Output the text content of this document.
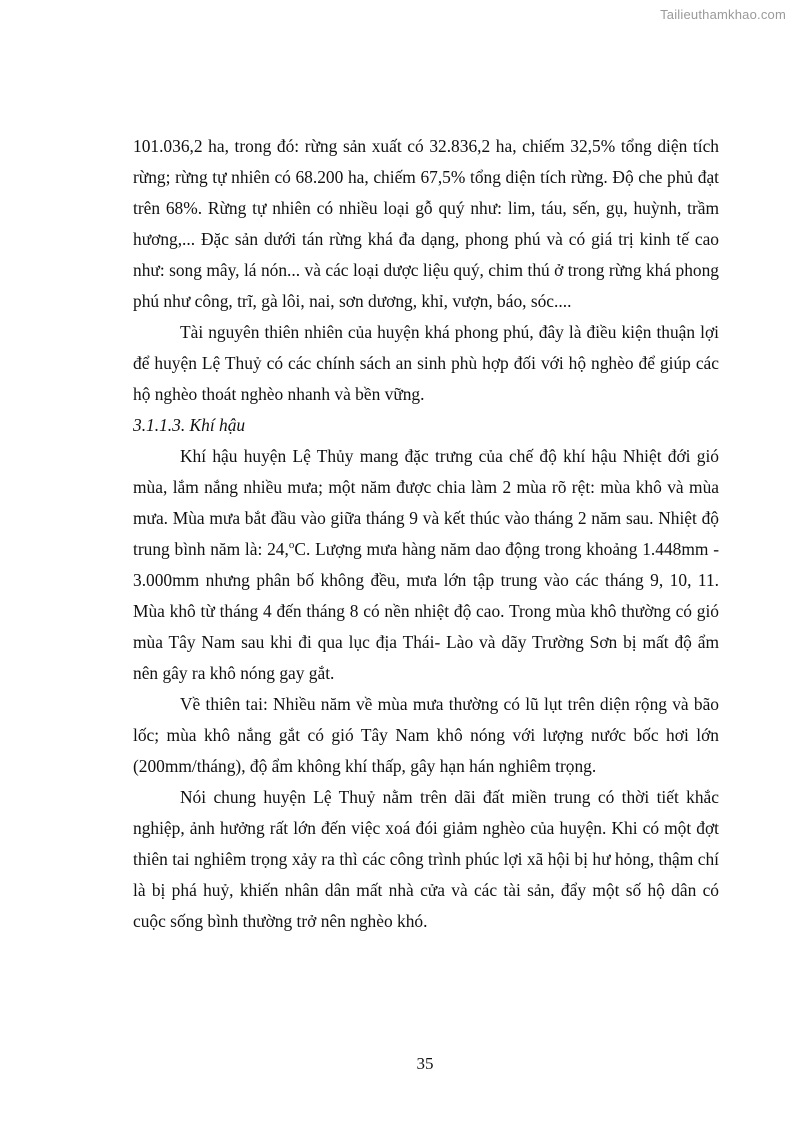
Tailieuthamkhao.com

101.036,2 ha, trong đó: rừng sản xuất có 32.836,2 ha, chiếm 32,5% tổng diện tích rừng; rừng tự nhiên có 68.200 ha, chiếm 67,5% tổng diện tích rừng. Độ che phủ đạt trên 68%. Rừng tự nhiên có nhiều loại gỗ quý như: lim, táu, sến, gụ, huỳnh, trầm hương,... Đặc sản dưới tán rừng khá đa dạng, phong phú và có giá trị kinh tế cao như: song mây, lá nón... và các loại dược liệu quý, chim thú ở trong rừng khá phong phú như công, trĩ, gà lôi, nai, sơn dương, khỉ, vượn, báo, sóc....

Tài nguyên thiên nhiên của huyện khá phong phú, đây là điều kiện thuận lợi để huyện Lệ Thuỷ có các chính sách an sinh phù hợp đối với hộ nghèo để giúp các hộ nghèo thoát nghèo nhanh và bền vững.

3.1.1.3. Khí hậu

Khí hậu huyện Lệ Thủy mang đặc trưng của chế độ khí hậu Nhiệt đới gió mùa, lắm nắng nhiều mưa; một năm được chia làm 2 mùa rõ rệt: mùa khô và mùa mưa. Mùa mưa bắt đầu vào giữa tháng 9 và kết thúc vào tháng 2 năm sau. Nhiệt độ trung bình năm là: 24,$^o$C. Lượng mưa hàng năm dao động trong khoảng 1.448mm - 3.000mm nhưng phân bố không đều, mưa lớn tập trung vào các tháng 9, 10, 11. Mùa khô từ tháng 4 đến tháng 8 có nền nhiệt độ cao. Trong mùa khô thường có gió mùa Tây Nam sau khi đi qua lục địa Thái- Lào và dãy Trường Sơn bị mất độ ẩm nên gây ra khô nóng gay gắt.

Về thiên tai: Nhiều năm về mùa mưa thường có lũ lụt trên diện rộng và bão lốc; mùa khô nắng gắt có gió Tây Nam khô nóng với lượng nước bốc hơi lớn (200mm/tháng), độ ẩm không khí thấp, gây hạn hán nghiêm trọng.

Nói chung huyện Lệ Thuỷ nằm trên dãi đất miền trung có thời tiết khắc nghiệp, ảnh hưởng rất lớn đến việc xoá đói giảm nghèo của huyện. Khi có một đợt thiên tai nghiêm trọng xảy ra thì các công trình phúc lợi xã hội bị hư hỏng, thậm chí là bị phá huỷ, khiến nhân dân mất nhà cửa và các tài sản, đẩy một số hộ dân có cuộc sống bình thường trở nên nghèo khó.

35
